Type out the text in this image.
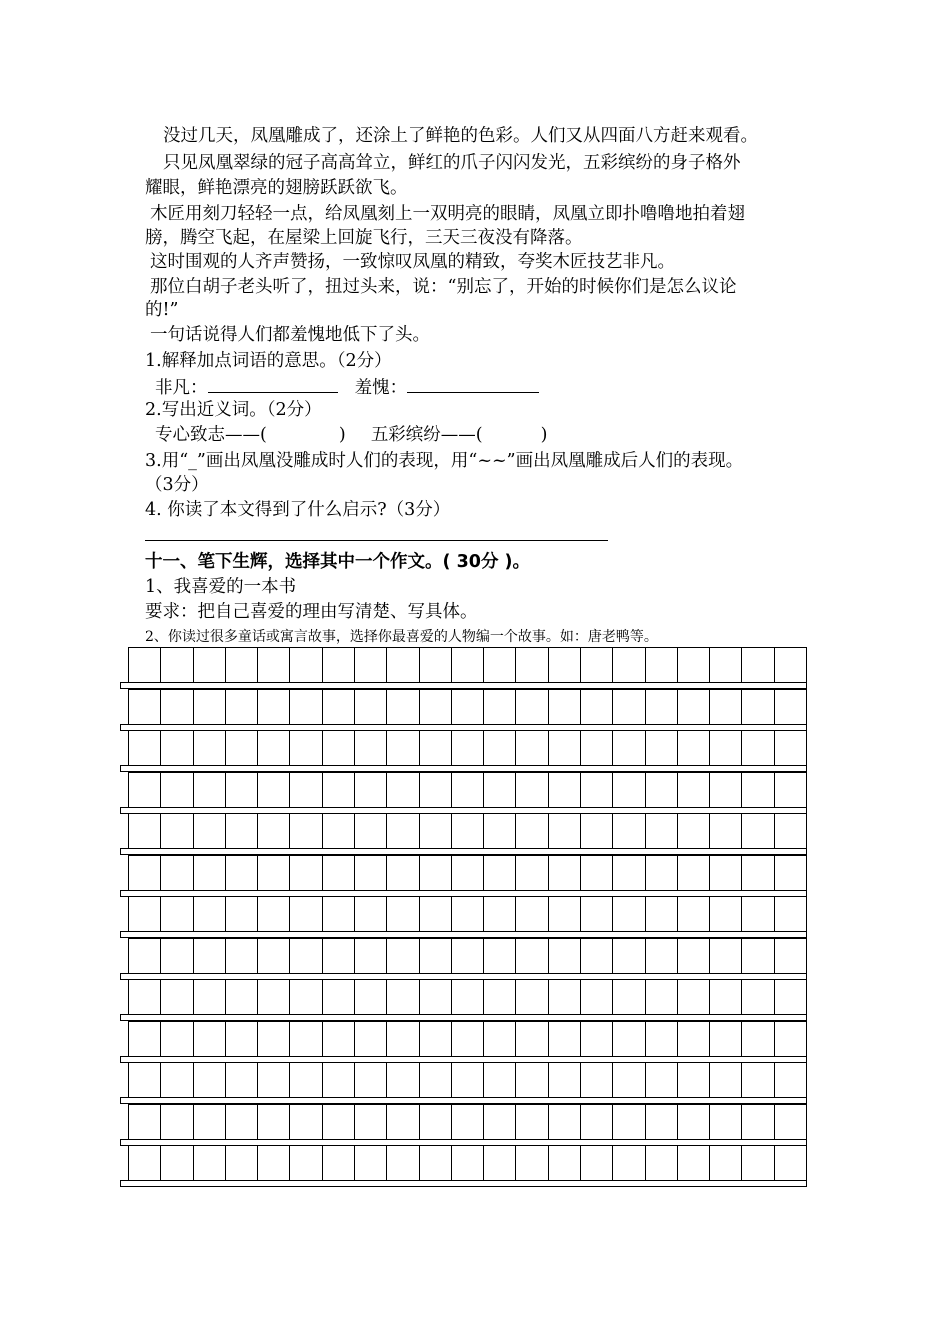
没过几天，凤凰雕成了，还涂上了鲜艳的色彩。人们又从四面八方赶来观看。
只见凤凰翠绿的冠子高高耸立，鲜红的爪子闪闪发光，五彩缤纷的身子格外
耀眼，鲜艳漂亮的翅膀跃跃欲飞。
木匠用刻刀轻轻一点，给凤凰刻上一双明亮的眼睛，凤凰立即扑噜噜地拍着翅
膀，腾空飞起，在屋梁上回旋飞行，三天三夜没有降落。
这时围观的人齐声赞扬，一致惊叹凤凰的精致，夸奖木匠技艺非凡。
那位白胡子老头听了，扭过头来，说：“别忘了，开始的时候你们是怎么议论
的!”
一句话说得人们都羞愧地低下了头。
1.解释加点词语的意思。（2分）
非凡：	羞愧：
2.写出近义词。（2分）
专心致志——(	) 五彩缤纷——(	)
3.用“_”画出凤凰没雕成时人们的表现，用“~~”画出凤凰雕成后人们的表现。
（3分）
4. 你读了本文得到了什么启示?（3分）
十一、笔下生辉，选择其中一个作文。( 30分 )。
1、我喜爱的一本书
要求：把自己喜爱的理由写清楚、写具体。
2、你读过很多童话或寓言故事，选择你最喜爱的人物编一个故事。如：唐老鸭等。
